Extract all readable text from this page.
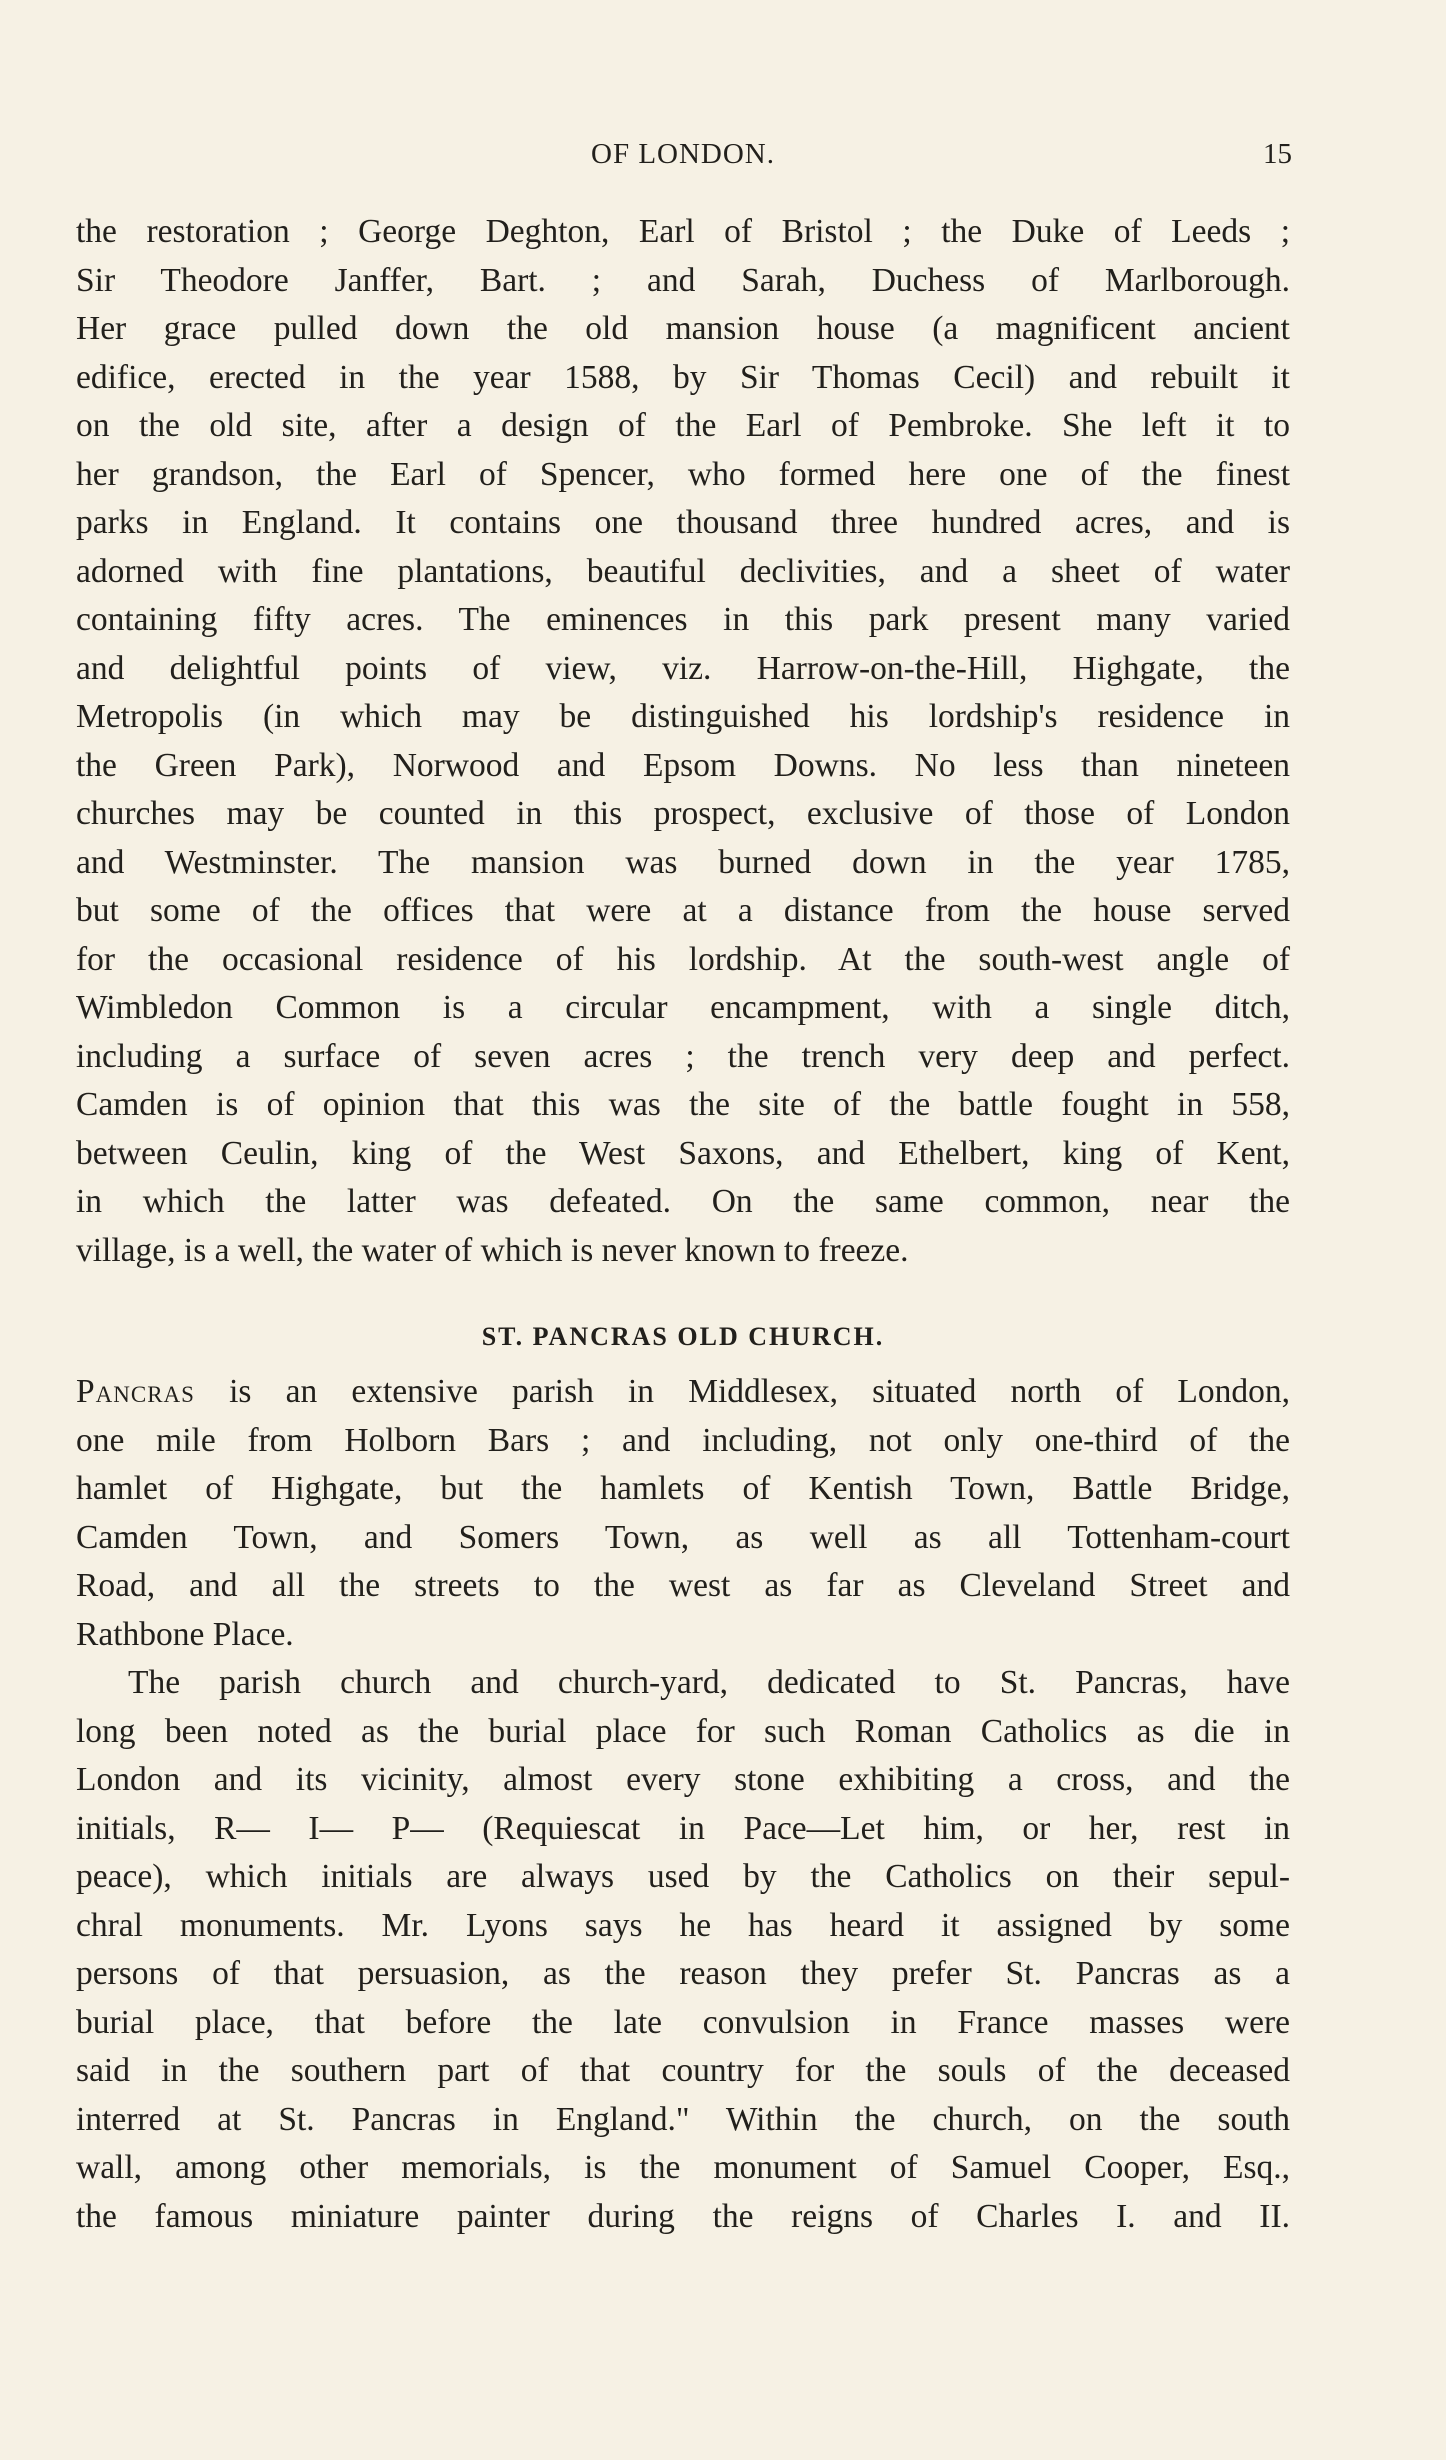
OF LONDON.	15
the restoration ; George Deghton, Earl of Bristol ; the Duke of Leeds ;
Sir Theodore Janffer, Bart. ; and Sarah, Duchess of Marlborough.
Her grace pulled down the old mansion house (a magnificent ancient
edifice, erected in the year 1588, by Sir Thomas Cecil) and rebuilt it
on the old site, after a design of the Earl of Pembroke. She left it to
her grandson, the Earl of Spencer, who formed here one of the finest
parks in England. It contains one thousand three hundred acres, and is
adorned with fine plantations, beautiful declivities, and a sheet of water
containing fifty acres. The eminences in this park present many varied
and delightful points of view, viz. Harrow-on-the-Hill, Highgate, the
Metropolis (in which may be distinguished his lordship's residence in
the Green Park), Norwood and Epsom Downs. No less than nineteen
churches may be counted in this prospect, exclusive of those of London
and Westminster. The mansion was burned down in the year 1785,
but some of the offices that were at a distance from the house served
for the occasional residence of his lordship. At the south-west angle of
Wimbledon Common is a circular encampment, with a single ditch,
including a surface of seven acres ; the trench very deep and perfect.
Camden is of opinion that this was the site of the battle fought in 558,
between Ceulin, king of the West Saxons, and Ethelbert, king of Kent,
in which the latter was defeated. On the same common, near the
village, is a well, the water of which is never known to freeze.
ST. PANCRAS OLD CHURCH.
Pancras is an extensive parish in Middlesex, situated north of London,
one mile from Holborn Bars ; and including, not only one-third of the
hamlet of Highgate, but the hamlets of Kentish Town, Battle Bridge,
Camden Town, and Somers Town, as well as all Tottenham-court
Road, and all the streets to the west as far as Cleveland Street and
Rathbone Place.
The parish church and church-yard, dedicated to St. Pancras, have
long been noted as the burial place for such Roman Catholics as die in
London and its vicinity, almost every stone exhibiting a cross, and the
initials, R— I— P— (Requiescat in Pace—Let him, or her, rest in
peace), which initials are always used by the Catholics on their sepul-
chral monuments. Mr. Lyons says he has heard it assigned by some
persons of that persuasion, as the reason they prefer St. Pancras as a
burial place, that before the late convulsion in France masses were
said in the southern part of that country for the souls of the deceased
interred at St. Pancras in England." Within the church, on the south
wall, among other memorials, is the monument of Samuel Cooper, Esq.,
the famous miniature painter during the reigns of Charles I. and II.
